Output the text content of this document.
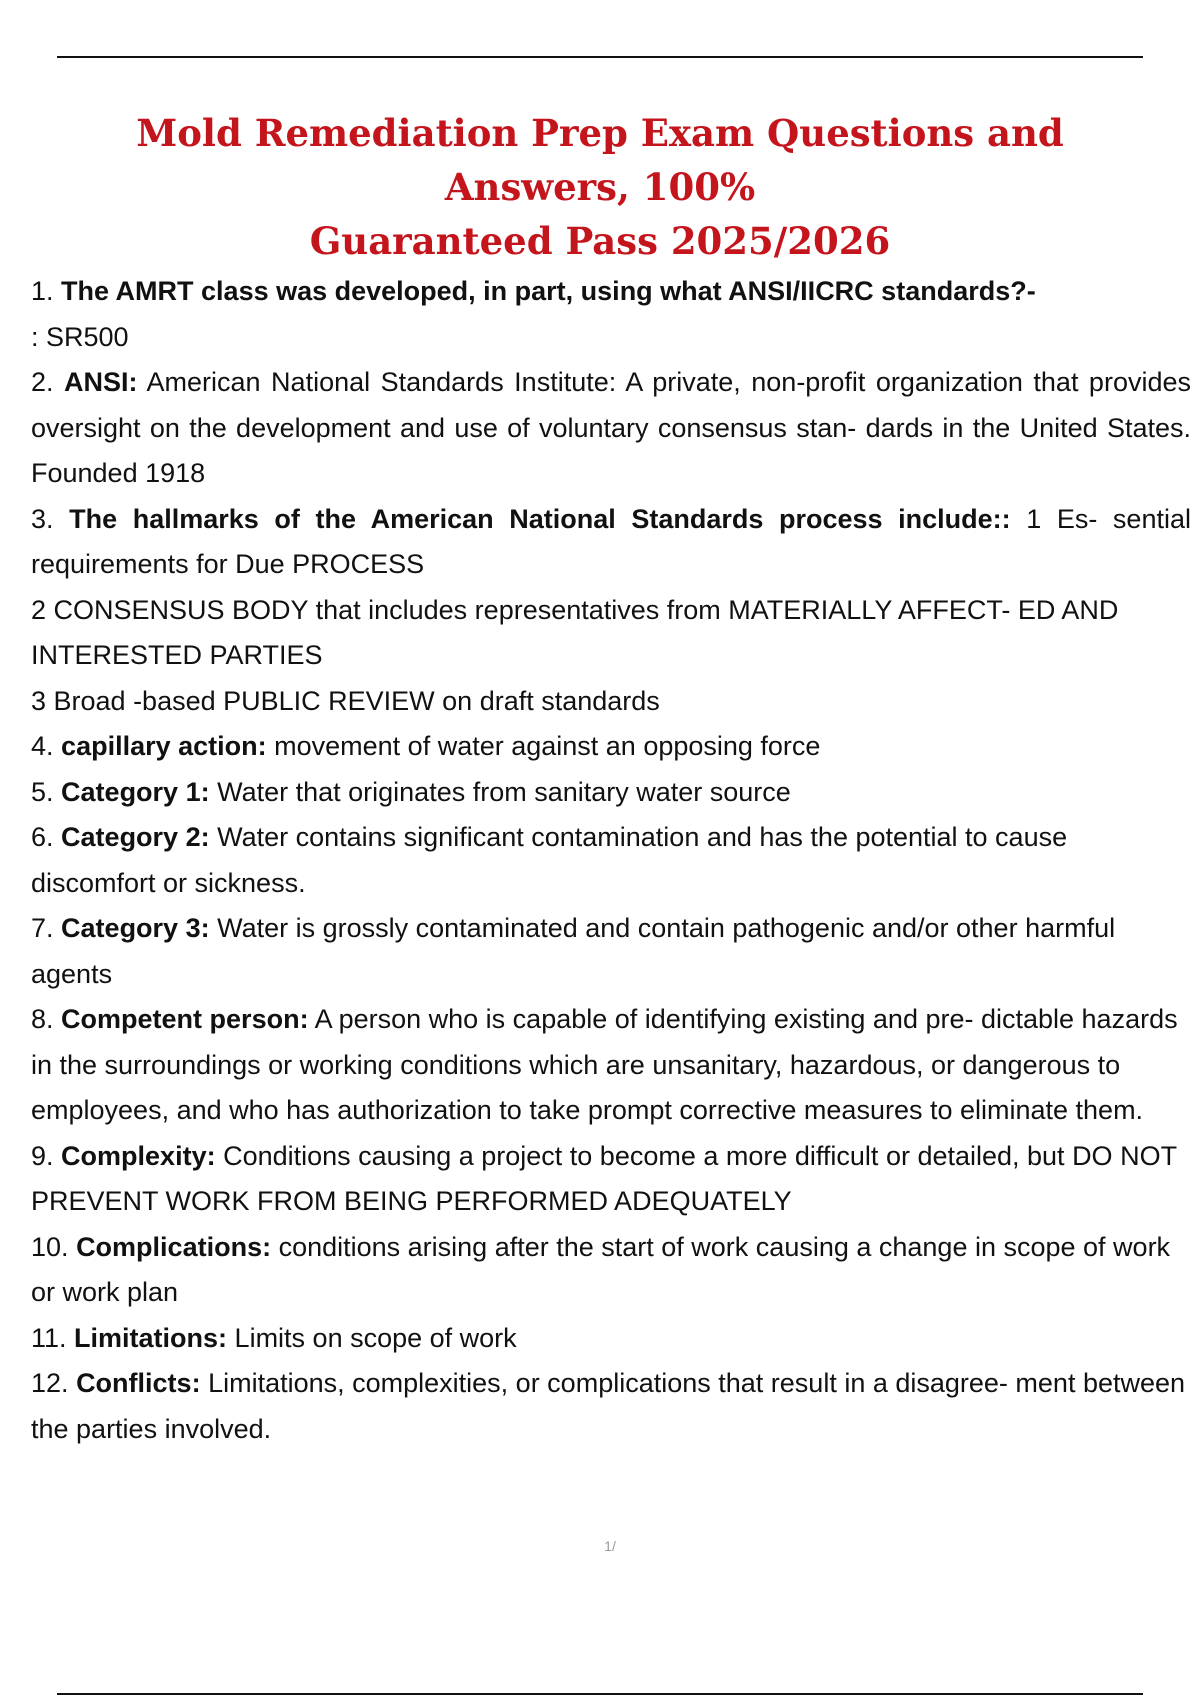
Mold Remediation Prep Exam Questions and Answers, 100%
Guaranteed Pass 2025/2026

1. The AMRT class was developed, in part, using what ANSI/IICRC standards?-

: SR500

2. ANSI: American National Standards Institute: A private, non-profit organization that provides oversight on the development and use of voluntary consensus stan- dards in the United States. Founded 1918

3. The hallmarks of the American National Standards process include:: 1 Es- sential requirements for Due PROCESS

2 CONSENSUS BODY that includes representatives from MATERIALLY AFFECT- ED AND INTERESTED PARTIES

3 Broad -based PUBLIC REVIEW on draft standards

4. capillary action: movement of water against an opposing force

5. Category 1: Water that originates from sanitary water source

6. Category 2: Water contains significant contamination and has the potential to cause discomfort or sickness.

7. Category 3: Water is grossly contaminated and contain pathogenic and/or other harmful agents

8. Competent person: A person who is capable of identifying existing and pre- dictable hazards in the surroundings or working conditions which are unsanitary, hazardous, or dangerous to employees, and who has authorization to take prompt corrective measures to eliminate them.

9. Complexity: Conditions causing a project to become a more difficult or detailed, but DO NOT PREVENT WORK FROM BEING PERFORMED ADEQUATELY

10. Complications: conditions arising after the start of work causing a change in scope of work or work plan

11. Limitations: Limits on scope of work

12. Conflicts: Limitations, complexities, or complications that result in a disagree- ment between the parties involved.

1/
